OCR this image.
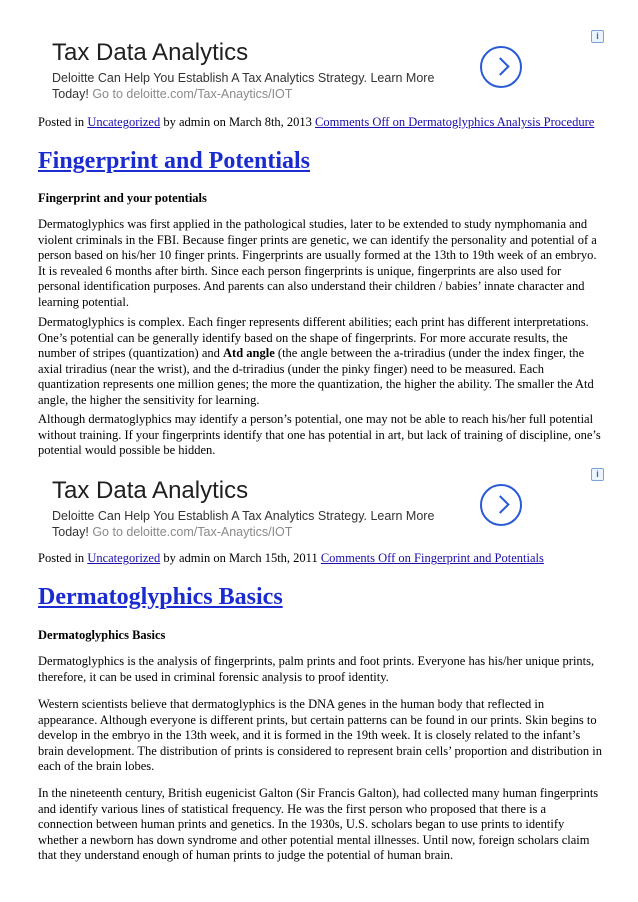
i
Tax Data Analytics
Deloitte Can Help You Establish A Tax Analytics Strategy. Learn More Today! Go to deloitte.com/Tax-Anaytics/IOT

Posted in Uncategorized by admin on March 8th, 2013 Comments Off on Dermatoglyphics Analysis Procedure

Fingerprint and Potentials

Fingerprint and your potentials

Dermatoglyphics was first applied in the pathological studies, later to be extended to study nymphomania and violent criminals in the FBI. Because finger prints are genetic, we can identify the personality and potential of a person based on his/her 10 finger prints. Fingerprints are usually formed at the 13th to 19th week of an embryo. It is revealed 6 months after birth. Since each person fingerprints is unique, fingerprints are also used for personal identification purposes. And parents can also understand their children / babies’ innate character and learning potential.

Dermatoglyphics is complex. Each finger represents different abilities; each print has different interpretations. One’s potential can be generally identify based on the shape of fingerprints. For more accurate results, the number of stripes (quantization) and Atd angle (the angle between the a-triradius (under the index finger, the axial triradius (near the wrist), and the d-triradius (under the pinky finger) need to be measured. Each quantization represents one million genes; the more the quantization, the higher the ability. The smaller the Atd angle, the higher the sensitivity for learning.

Although dermatoglyphics may identify a person’s potential, one may not be able to reach his/her full potential without training. If your fingerprints identify that one has potential in art, but lack of training of discipline, one’s potential would possible be hidden.

i
Tax Data Analytics
Deloitte Can Help You Establish A Tax Analytics Strategy. Learn More Today! Go to deloitte.com/Tax-Anaytics/IOT

Posted in Uncategorized by admin on March 15th, 2011 Comments Off on Fingerprint and Potentials

Dermatoglyphics Basics

Dermatoglyphics Basics

Dermatoglyphics is the analysis of fingerprints, palm prints and foot prints. Everyone has his/her unique prints, therefore, it can be used in criminal forensic analysis to proof identity.

Western scientists believe that dermatoglyphics is the DNA genes in the human body that reflected in appearance. Although everyone is different prints, but certain patterns can be found in our prints. Skin begins to develop in the embryo in the 13th week, and it is formed in the 19th week. It is closely related to the infant’s brain development. The distribution of prints is considered to represent brain cells’ proportion and distribution in each of the brain lobes.

In the nineteenth century, British eugenicist Galton (Sir Francis Galton), had collected many human fingerprints and identify various lines of statistical frequency. He was the first person who proposed that there is a connection between human prints and genetics. In the 1930s, U.S. scholars began to use prints to identify whether a newborn has down syndrome and other potential mental illnesses. Until now, foreign scholars claim that they understand enough of human prints to judge the potential of human brain.
